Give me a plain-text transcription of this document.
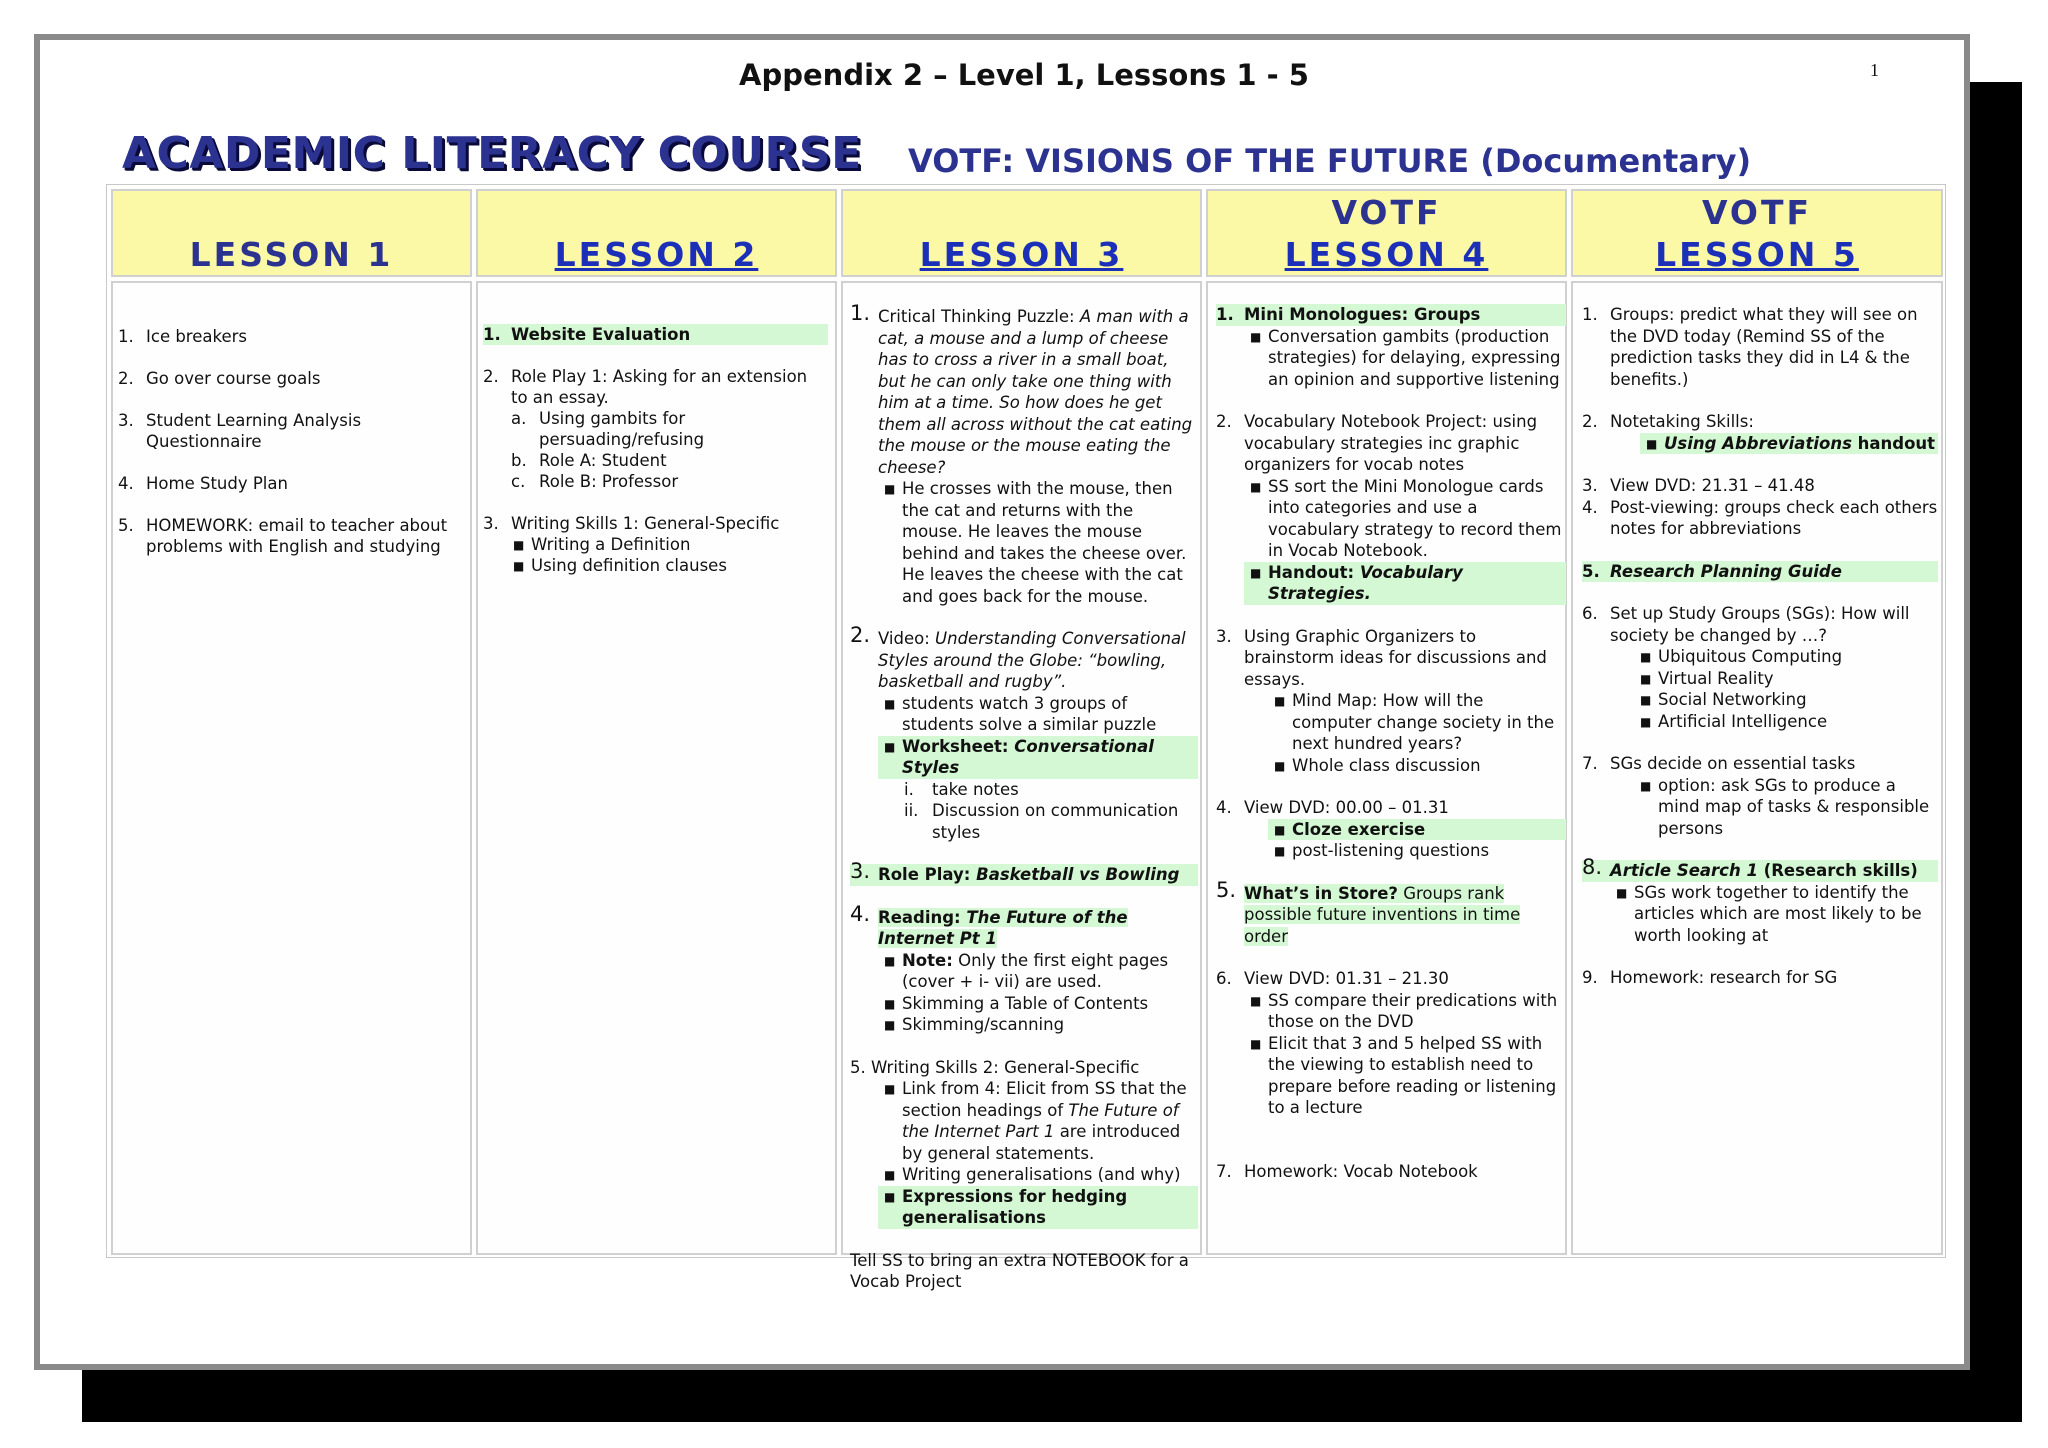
1
Appendix 2 – Level 1, Lessons 1 - 5
ACADEMIC LITERACY COURSE VOTF: VISIONS OF THE FUTURE (Documentary)
LESSON 1	LESSON 2	LESSON 3
VOTF
LESSON 4
VOTF
LESSON 5
1. Ice breakers
2. Go over course goals
3. Student Learning Analysis Questionnaire
4. Home Study Plan
5. HOMEWORK: email to teacher about problems with English and studying
1. Website Evaluation
2. Role Play 1: Asking for an extension to an essay.
a. Using gambits for persuading/refusing
b. Role A: Student
c. Role B: Professor
3. Writing Skills 1: General-Specific
■ Writing a Definition
■ Using definition clauses
1. Critical Thinking Puzzle: A man with a cat, a mouse and a lump of cheese has to cross a river in a small boat, but he can only take one thing with him at a time. So how does he get them all across without the cat eating the mouse or the mouse eating the cheese?
■ He crosses with the mouse, then the cat and returns with the mouse. He leaves the mouse behind and takes the cheese over. He leaves the cheese with the cat and goes back for the mouse.
2. Video: Understanding Conversational Styles around the Globe: “bowling, basketball and rugby”.
■ students watch 3 groups of students solve a similar puzzle
■ Worksheet: Conversational Styles
i. take notes
ii. Discussion on communication styles
3. Role Play: Basketball vs Bowling
4. Reading: The Future of the Internet Pt 1
■ Note: Only the first eight pages (cover + i- vii) are used.
■ Skimming a Table of Contents
■ Skimming/scanning
5. Writing Skills 2: General-Specific
■ Link from 4: Elicit from SS that the section headings of The Future of the Internet Part 1 are introduced by general statements.
■ Writing generalisations (and why)
■ Expressions for hedging generalisations
Tell SS to bring an extra NOTEBOOK for a Vocab Project
1. Mini Monologues: Groups
■ Conversation gambits (production strategies) for delaying, expressing an opinion and supportive listening
2. Vocabulary Notebook Project: using vocabulary strategies inc graphic organizers for vocab notes
■ SS sort the Mini Monologue cards into categories and use a vocabulary strategy to record them in Vocab Notebook.
■ Handout: Vocabulary Strategies.
3. Using Graphic Organizers to brainstorm ideas for discussions and essays.
■ Mind Map: How will the computer change society in the next hundred years?
■ Whole class discussion
4. View DVD: 00.00 – 01.31
■ Cloze exercise
■ post-listening questions
5. What’s in Store? Groups rank possible future inventions in time order
6. View DVD: 01.31 – 21.30
■ SS compare their predications with those on the DVD
■ Elicit that 3 and 5 helped SS with the viewing to establish need to prepare before reading or listening to a lecture
7. Homework: Vocab Notebook
1. Groups: predict what they will see on the DVD today (Remind SS of the prediction tasks they did in L4 & the benefits.)
2. Notetaking Skills:
■ Using Abbreviations handout
3. View DVD: 21.31 – 41.48
4. Post-viewing: groups check each others notes for abbreviations
5. Research Planning Guide
6. Set up Study Groups (SGs): How will society be changed by …?
■ Ubiquitous Computing
■ Virtual Reality
■ Social Networking
■ Artificial Intelligence
7. SGs decide on essential tasks
■ option: ask SGs to produce a mind map of tasks & responsible persons
8. Article Search 1 (Research skills)
■ SGs work together to identify the articles which are most likely to be worth looking at
9. Homework: research for SG
